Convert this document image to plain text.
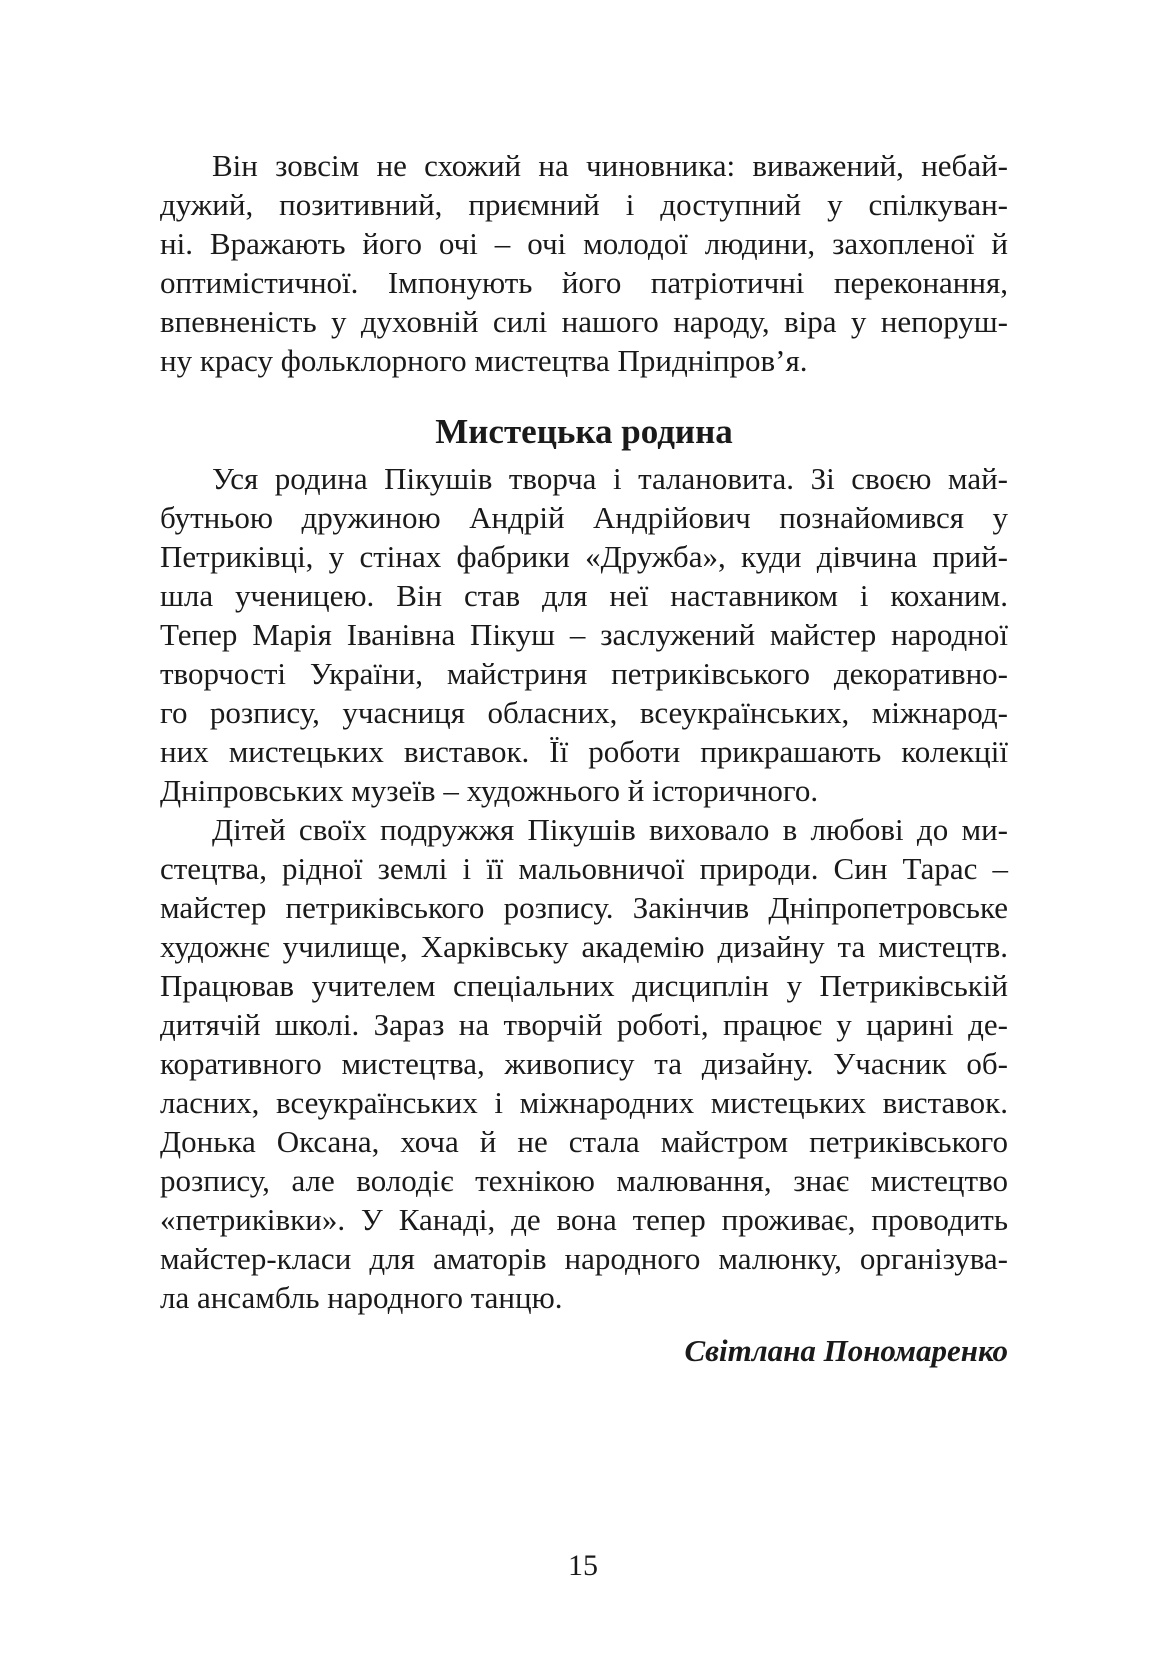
Він зовсім не схожий на чиновника: виважений, небай-
дужий, позитивний, приємний і доступний у спілкуван-
ні. Вражають його очі – очі молодої людини, захопленої й
оптимістичної. Імпонують його патріотичні переконання,
впевненість у духовній силі нашого народу, віра у непоруш-
ну красу фольклорного мистецтва Придніпров’я.
Мистецька родина
Уся родина Пікушів творча і талановита. Зі своєю май-
бутньою дружиною Андрій Андрійович познайомився у
Петриківці, у стінах фабрики «Дружба», куди дівчина прий-
шла ученицею. Він став для неї наставником і коханим.
Тепер Марія Іванівна Пікуш – заслужений майстер народної
творчості України, майстриня петриківського декоративно-
го розпису, учасниця обласних, всеукраїнських, міжнарод-
них мистецьких виставок. Її роботи прикрашають колекції
Дніпровських музеїв – художнього й історичного.
Дітей своїх подружжя Пікушів виховало в любові до ми-
стецтва, рідної землі і її мальовничої природи. Син Тарас –
майстер петриківського розпису. Закінчив Дніпропетровське
художнє училище, Харківську академію дизайну та мистецтв.
Працював учителем спеціальних дисциплін у Петриківській
дитячій школі. Зараз на творчій роботі, працює у царині де-
коративного мистецтва, живопису та дизайну. Учасник об-
ласних, всеукраїнських і міжнародних мистецьких виставок.
Донька Оксана, хоча й не стала майстром петриківського
розпису, але володіє технікою малювання, знає мистецтво
«петриківки». У Канаді, де вона тепер проживає, проводить
майстер-класи для аматорів народного малюнку, організува-
ла ансамбль народного танцю.
Світлана Пономаренко
15
